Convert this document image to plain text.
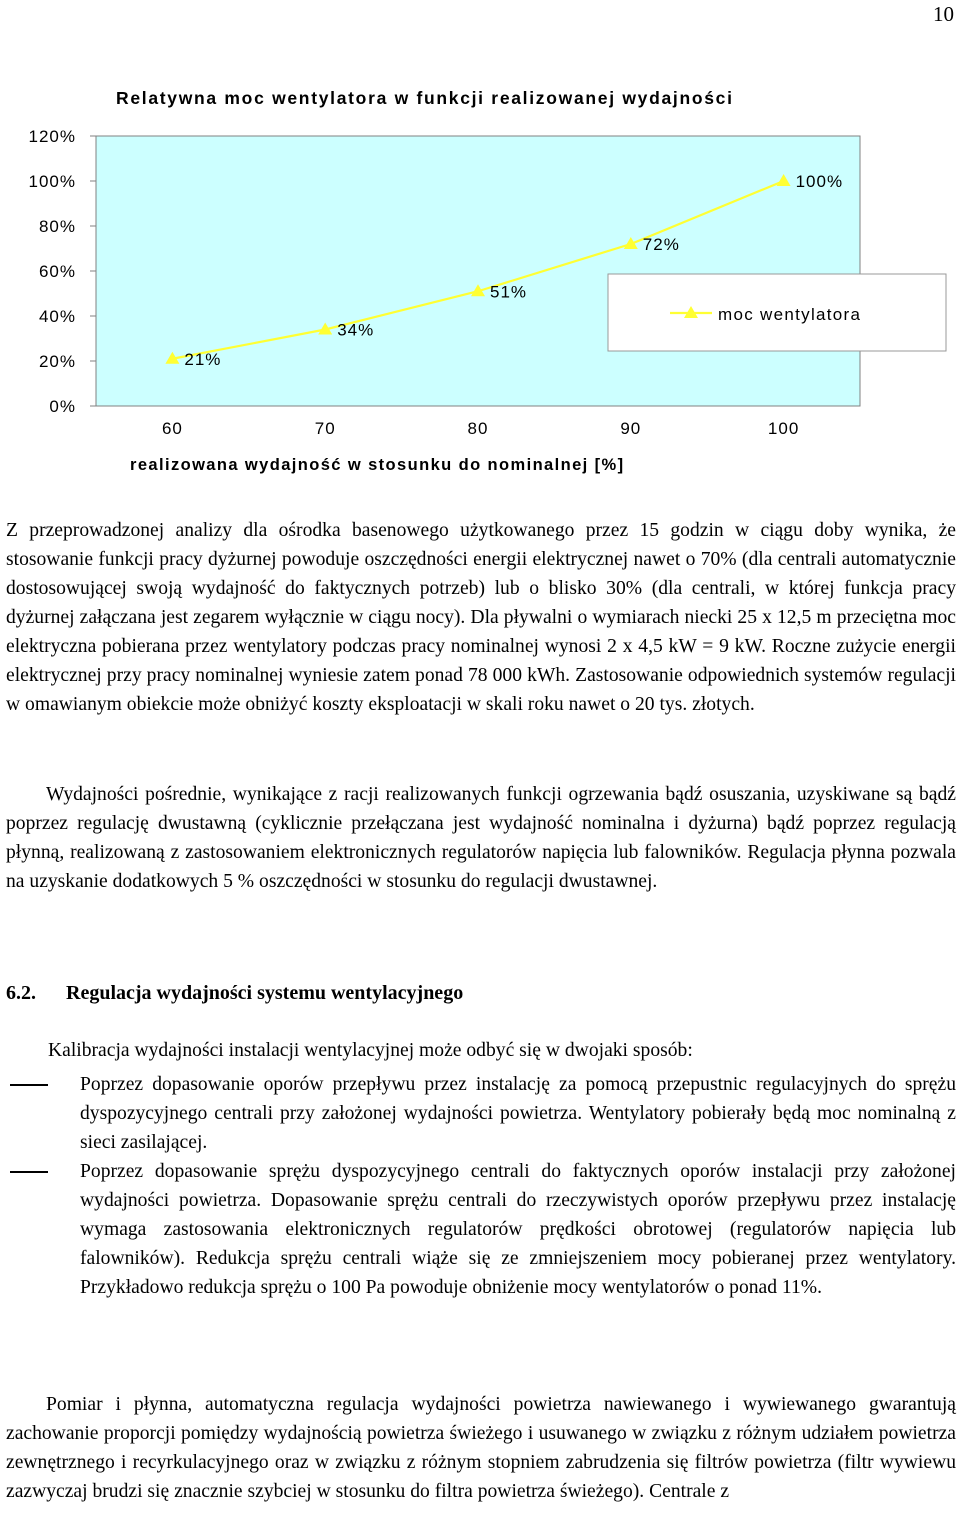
10
Relatywna moc wentylatora w funkcji realizowanej wydajności
0%
20%
40%
60%
80%
100%
120%
60	70	80	90	100
21%
34%
51%
72%
100%
moc wentylatora
realizowana wydajność w stosunku do nominalnej [%]

Z przeprowadzonej analizy dla ośrodka basenowego użytkowanego przez 15 godzin w ciągu doby wynika, że stosowanie funkcji pracy dyżurnej powoduje oszczędności energii elektrycznej nawet o 70% (dla centrali automatycznie dostosowującej swoją wydajność do faktycznych potrzeb) lub o blisko 30% (dla centrali, w której funkcja pracy dyżurnej załączana jest zegarem wyłącznie w ciągu nocy). Dla pływalni o wymiarach niecki 25 x 12,5 m przeciętna moc elektryczna pobierana przez wentylatory podczas pracy nominalnej wynosi 2 x 4,5 kW = 9 kW. Roczne zużycie energii elektrycznej przy pracy nominalnej wyniesie zatem ponad 78 000 kWh. Zastosowanie odpowiednich systemów regulacji w omawianym obiekcie może obniżyć koszty eksploatacji w skali roku nawet o 20 tys. złotych.

Wydajności pośrednie, wynikające z racji realizowanych funkcji ogrzewania bądź osuszania, uzyskiwane są bądź poprzez regulację dwustawną (cyklicznie przełączana jest wydajność nominalna i dyżurna) bądź poprzez regulacją płynną, realizowaną z zastosowaniem elektronicznych regulatorów napięcia lub falowników. Regulacja płynna pozwala na uzyskanie dodatkowych 5 % oszczędności w stosunku do regulacji dwustawnej.

6.2. Regulacja wydajności systemu wentylacyjnego

Kalibracja wydajności instalacji wentylacyjnej może odbyć się w dwojaki sposób:

Poprzez dopasowanie oporów przepływu przez instalację za pomocą przepustnic regulacyjnych do sprężu dyspozycyjnego centrali przy założonej wydajności powietrza. Wentylatory pobierały będą moc nominalną z sieci zasilającej.
Poprzez dopasowanie sprężu dyspozycyjnego centrali do faktycznych oporów instalacji przy założonej wydajności powietrza. Dopasowanie sprężu centrali do rzeczywistych oporów przepływu przez instalację wymaga zastosowania elektronicznych regulatorów prędkości obrotowej (regulatorów napięcia lub falowników). Redukcja sprężu centrali wiąże się ze zmniejszeniem mocy pobieranej przez wentylatory. Przykładowo redukcja sprężu o 100 Pa powoduje obniżenie mocy wentylatorów o ponad 11%.

Pomiar i płynna, automatyczna regulacja wydajności powietrza nawiewanego i wywiewanego gwarantują zachowanie proporcji pomiędzy wydajnością powietrza świeżego i usuwanego w związku z różnym udziałem powietrza zewnętrznego i recyrkulacyjnego oraz w związku z różnym stopniem zabrudzenia się filtrów powietrza (filtr wywiewu zazwyczaj brudzi się znacznie szybciej w stosunku do filtra powietrza świeżego). Centrale z
